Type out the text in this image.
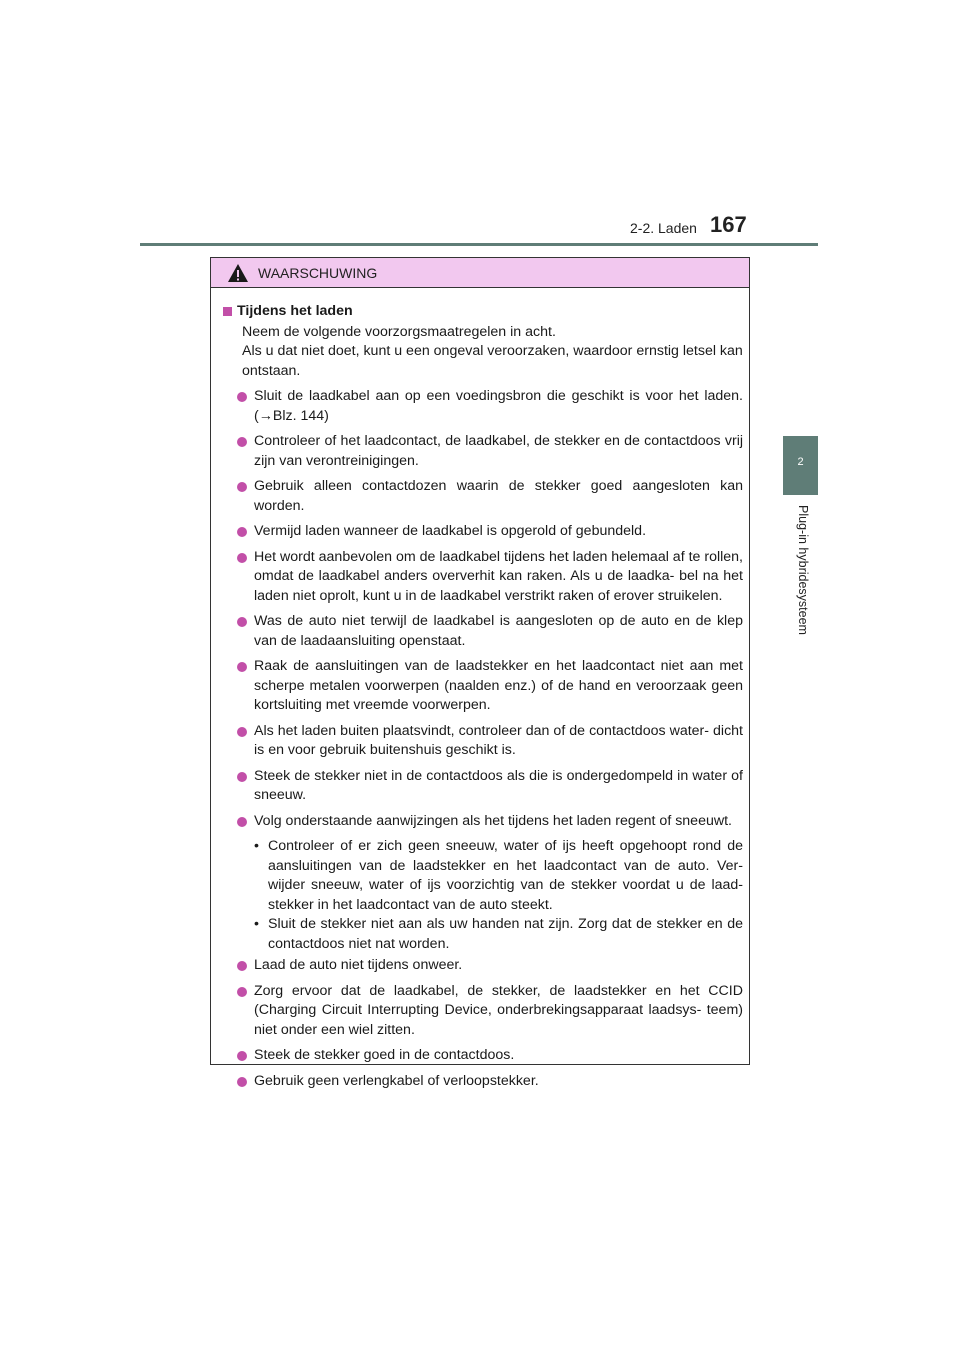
2-2. Laden 167
2
Plug-in hybridesysteem
WAARSCHUWING
Tijdens het laden
Neem de volgende voorzorgsmaatregelen in acht.
Als u dat niet doet, kunt u een ongeval veroorzaken, waardoor ernstig letsel kan ontstaan.
Sluit de laadkabel aan op een voedingsbron die geschikt is voor het laden. (→Blz. 144)
Controleer of het laadcontact, de laadkabel, de stekker en de contactdoos vrij zijn van verontreinigingen.
Gebruik alleen contactdozen waarin de stekker goed aangesloten kan worden.
Vermijd laden wanneer de laadkabel is opgerold of gebundeld.
Het wordt aanbevolen om de laadkabel tijdens het laden helemaal af te rollen, omdat de laadkabel anders oververhit kan raken. Als u de laadka- bel na het laden niet oprolt, kunt u in de laadkabel verstrikt raken of erover struikelen.
Was de auto niet terwijl de laadkabel is aangesloten op de auto en de klep van de laadaansluiting openstaat.
Raak de aansluitingen van de laadstekker en het laadcontact niet aan met scherpe metalen voorwerpen (naalden enz.) of de hand en veroorzaak geen kortsluiting met vreemde voorwerpen.
Als het laden buiten plaatsvindt, controleer dan of de contactdoos water- dicht is en voor gebruik buitenshuis geschikt is.
Steek de stekker niet in de contactdoos als die is ondergedompeld in water of sneeuw.
Volg onderstaande aanwijzingen als het tijdens het laden regent of sneeuwt.
• Controleer of er zich geen sneeuw, water of ijs heeft opgehoopt rond de aansluitingen van de laadstekker en het laadcontact van de auto. Ver- wijder sneeuw, water of ijs voorzichtig van de stekker voordat u de laad- stekker in het laadcontact van de auto steekt.
• Sluit de stekker niet aan als uw handen nat zijn. Zorg dat de stekker en de contactdoos niet nat worden.
Laad de auto niet tijdens onweer.
Zorg ervoor dat de laadkabel, de stekker, de laadstekker en het CCID (Charging Circuit Interrupting Device, onderbrekingsapparaat laadsys- teem) niet onder een wiel zitten.
Steek de stekker goed in de contactdoos.
Gebruik geen verlengkabel of verloopstekker.
